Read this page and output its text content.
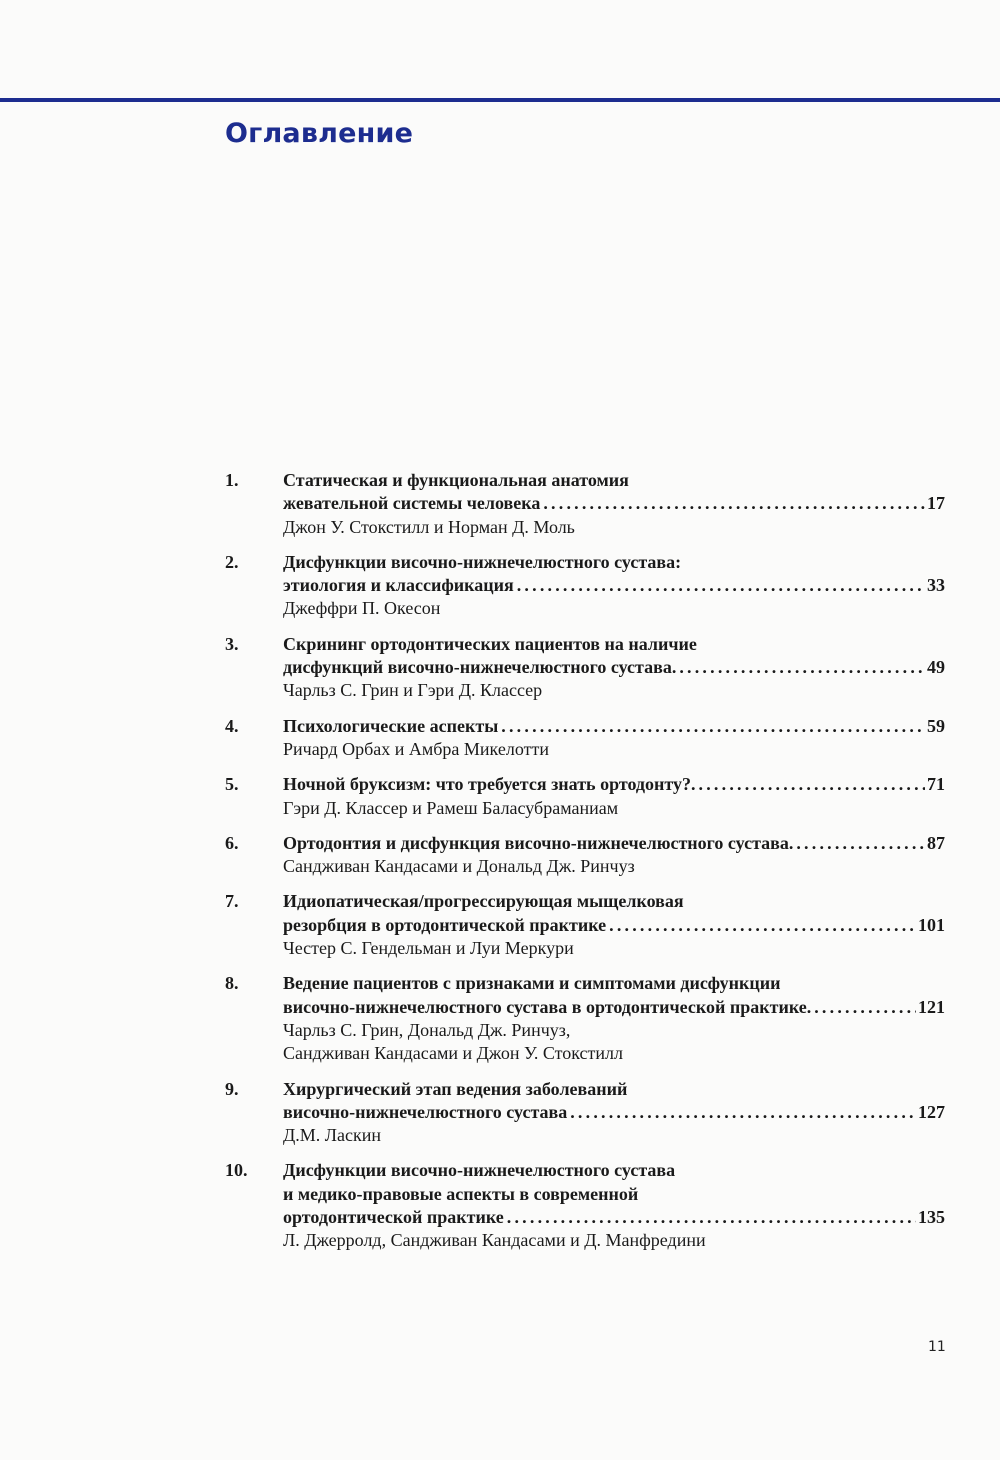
Оглавление
1. Статическая и функциональная анатомия
жевательной системы человека .....	17
Джон У. Стокстилл и Норман Д. Моль
2. Дисфункции височно-нижнечелюстного сустава:
этиология и классификация .....	33
Джеффри П. Окесон
3. Скрининг ортодонтических пациентов на наличие
дисфункций височно-нижнечелюстного сустава. .....	49
Чарльз С. Грин и Гэри Д. Классер
4. Психологические аспекты .....	59
Ричард Орбах и Амбра Микелотти
5. Ночной бруксизм: что требуется знать ортодонту?. .....	71
Гэри Д. Классер и Рамеш Баласубраманиам
6. Ортодонтия и дисфункция височно-нижнечелюстного сустава. .....	87
Сандживан Кандасами и Дональд Дж. Ринчуз
7. Идиопатическая/прогрессирующая мыщелковая
резорбция в ортодонтической практике .....	101
Честер С. Гендельман и Луи Меркури
8. Ведение пациентов с признаками и симптомами дисфункции
височно-нижнечелюстного сустава в ортодонтической практике. .....	121
Чарльз С. Грин, Дональд Дж. Ринчуз,
Сандживан Кандасами и Джон У. Стокстилл
9. Хирургический этап ведения заболеваний
височно-нижнечелюстного сустава .....	127
Д.М. Ласкин
10. Дисфункции височно-нижнечелюстного сустава
и медико-правовые аспекты в современной
ортодонтической практике .....	135
Л. Джерролд, Сандживан Кандасами и Д. Манфредини
11
